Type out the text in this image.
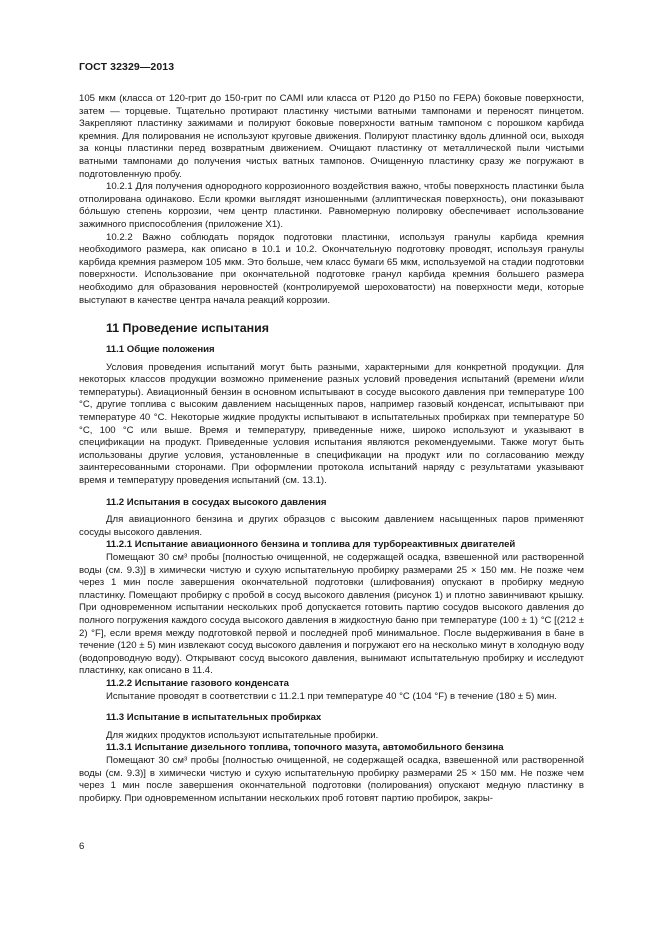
ГОСТ 32329—2013

105 мкм (класса от 120-грит до 150-грит по CAMI или класса от Р120 до Р150 по FEPA) боковые поверхности, затем — торцевые. Тщательно протирают пластинку чистыми ватными тампонами и переносят пинцетом. Закрепляют пластинку зажимами и полируют боковые поверхности ватным тампоном с порошком карбида кремния. Для полирования не используют круговые движения. Полируют пластинку вдоль длинной оси, выходя за концы пластинки перед возвратным движением. Очищают пластинку от металлической пыли чистыми ватными тампонами до получения чистых ватных тампонов. Очищенную пластинку сразу же погружают в подготовленную пробу.

10.2.1 Для получения однородного коррозионного воздействия важно, чтобы поверхность пластинки была отполирована одинаково. Если кромки выглядят изношенными (эллиптическая поверхность), они показывают бо́льшую степень коррозии, чем центр пластинки. Равномерную полировку обеспечивает использование зажимного приспособления (приложение Х1).

10.2.2 Важно соблюдать порядок подготовки пластинки, используя гранулы карбида кремния необходимого размера, как описано в 10.1 и 10.2. Окончательную подготовку проводят, используя гранулы карбида кремния размером 105 мкм. Это больше, чем класс бумаги 65 мкм, используемой на стадии подготовки поверхности. Использование при окончательной подготовке гранул карбида кремния большего размера необходимо для образования неровностей (контролируемой шероховатости) на поверхности меди, которые выступают в качестве центра начала реакций коррозии.

11 Проведение испытания
11.1 Общие положения

Условия проведения испытаний могут быть разными, характерными для конкретной продукции. Для некоторых классов продукции возможно применение разных условий проведения испытаний (времени и/или температуры). Авиационный бензин в основном испытывают в сосуде высокого давления при температуре 100 °С, другие топлива с высоким давлением насыщенных паров, например газовый конденсат, испытывают при температуре 40 °С. Некоторые жидкие продукты испытывают в испытательных пробирках при температуре 50 °С, 100 °С или выше. Время и температуру, приведенные ниже, широко используют и указывают в спецификации на продукт. Приведенные условия испытания являются рекомендуемыми. Также могут быть использованы другие условия, установленные в спецификации на продукт или по согласованию между заинтересованными сторонами. При оформлении протокола испытаний наряду с результатами указывают время и температуру проведения испытаний (см. 13.1).

11.2 Испытания в сосудах высокого давления

Для авиационного бензина и других образцов с высоким давлением насыщенных паров применяют сосуды высокого давления.

11.2.1 Испытание авиационного бензина и топлива для турбореактивных двигателей

Помещают 30 см³ пробы [полностью очищенной, не содержащей осадка, взвешенной или растворенной воды (см. 9.3)] в химически чистую и сухую испытательную пробирку размерами 25 × 150 мм. Не позже чем через 1 мин после завершения окончательной подготовки (шлифования) опускают в пробирку медную пластинку. Помещают пробирку с пробой в сосуд высокого давления (рисунок 1) и плотно завинчивают крышку. При одновременном испытании нескольких проб допускается готовить партию сосудов высокого давления до полного погружения каждого сосуда высокого давления в жидкостную баню при температуре (100 ± 1) °С [(212 ± 2) °F], если время между подготовкой первой и последней проб минимальное. После выдерживания в бане в течение (120 ± 5) мин извлекают сосуд высокого давления и погружают его на несколько минут в холодную воду (водопроводную воду). Открывают сосуд высокого давления, вынимают испытательную пробирку и исследуют пластинку, как описано в 11.4.

11.2.2 Испытание газового конденсата

Испытание проводят в соответствии с 11.2.1 при температуре 40 °С (104 °F) в течение (180 ± 5) мин.

11.3 Испытание в испытательных пробирках

Для жидких продуктов используют испытательные пробирки.

11.3.1 Испытание дизельного топлива, топочного мазута, автомобильного бензина

Помещают 30 см³ пробы [полностью очищенной, не содержащей осадка, взвешенной или растворенной воды (см. 9.3)] в химически чистую и сухую испытательную пробирку размерами 25 × 150 мм. Не позже чем через 1 мин после завершения окончательной подготовки (полирования) опускают медную пластинку в пробирку. При одновременном испытании нескольких проб готовят партию пробирок, закры-

6
